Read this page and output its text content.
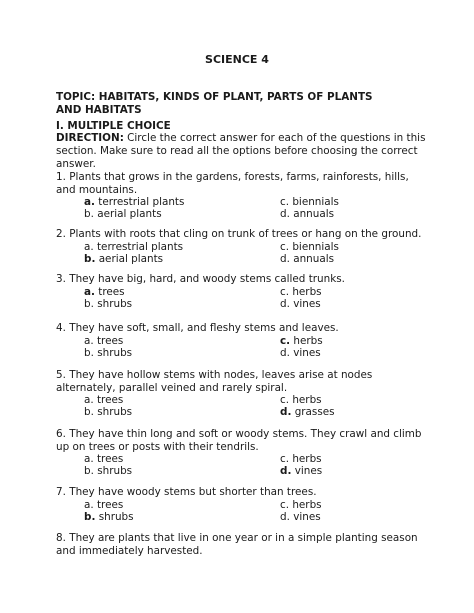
SCIENCE 4
TOPIC: HABITATS, KINDS OF PLANT, PARTS OF PLANTS AND HABITATS
I. MULTIPLE CHOICE
DIRECTION: Circle the correct answer for each of the questions in this section. Make sure to read all the options before choosing the correct answer.
1. Plants that grows in the gardens, forests, farms, rainforests, hills, and mountains.
a. terrestrial plants	c. biennials
b. aerial plants	d. annuals
2. Plants with roots that cling on trunk of trees or hang on the ground.
a. terrestrial plants	c. biennials
b. aerial plants	d. annuals
3. They have big, hard, and woody stems called trunks.
a. trees	c. herbs
b. shrubs	d. vines
4. They have soft, small, and fleshy stems and leaves.
a. trees	c. herbs
b. shrubs	d. vines
5. They have hollow stems with nodes, leaves arise at nodes alternately, parallel veined and rarely spiral.
a. trees	c. herbs
b. shrubs	d. grasses
6. They have thin long and soft or woody stems. They crawl and climb up on trees or posts with their tendrils.
a. trees	c. herbs
b. shrubs	d. vines
7. They have woody stems but shorter than trees.
a. trees	c. herbs
b. shrubs	d. vines
8. They are plants that live in one year or in a simple planting season and immediately harvested.
